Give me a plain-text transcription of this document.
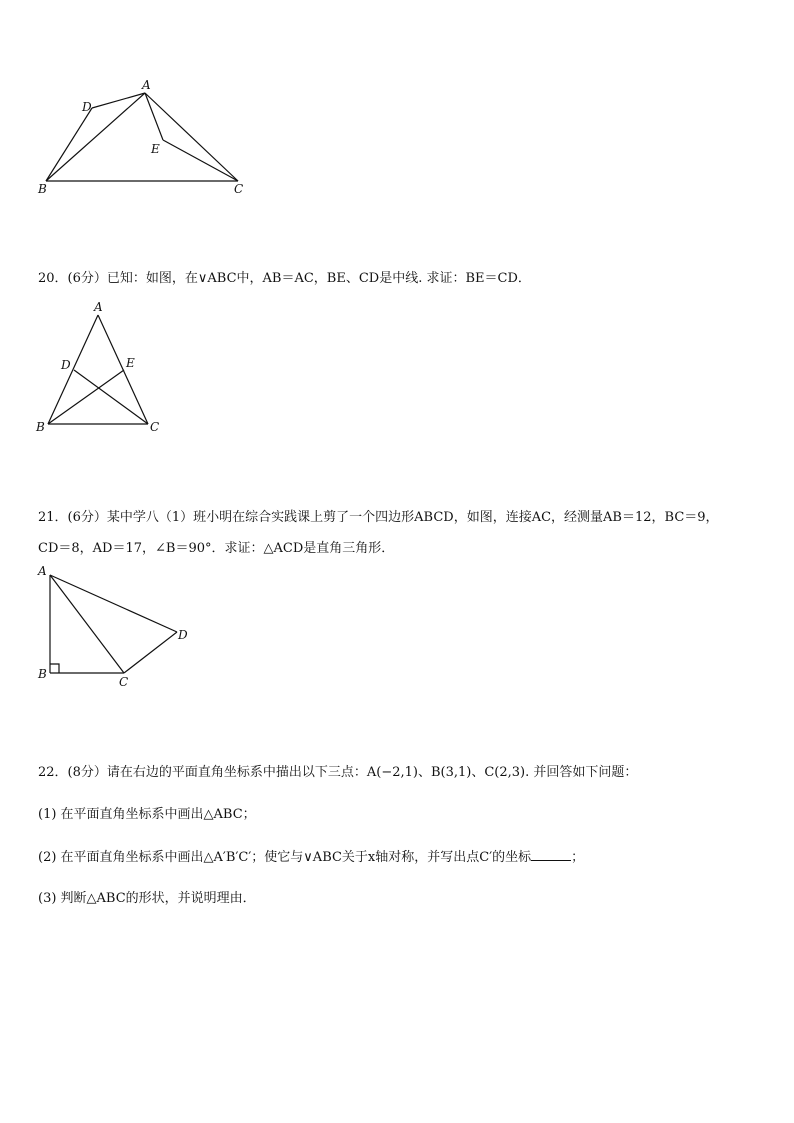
A
D
E
B	C
20．(6分）已知：如图，在∨ABC中，AB＝AC，BE、CD是中线. 求证：BE＝CD．
A
D	E
B	C
21．(6分）某中学八（1）班小明在综合实践课上剪了一个四边形ABCD，如图，连接AC，经测量AB＝12，BC＝9，
CD＝8，AD＝17，∠B＝90°．求证：△ACD是直角三角形．
A
B
C
D
22．(8分）请在右边的平面直角坐标系中描出以下三点：A(−2,1)、B(3,1)、C(2,3). 并回答如下问题：
(1) 在平面直角坐标系中画出△ABC；
(2) 在平面直角坐标系中画出△A′B′C′；使它与∨ABC关于x轴对称，并写出点C′的坐标	；
(3) 判断△ABC的形状，并说明理由．
